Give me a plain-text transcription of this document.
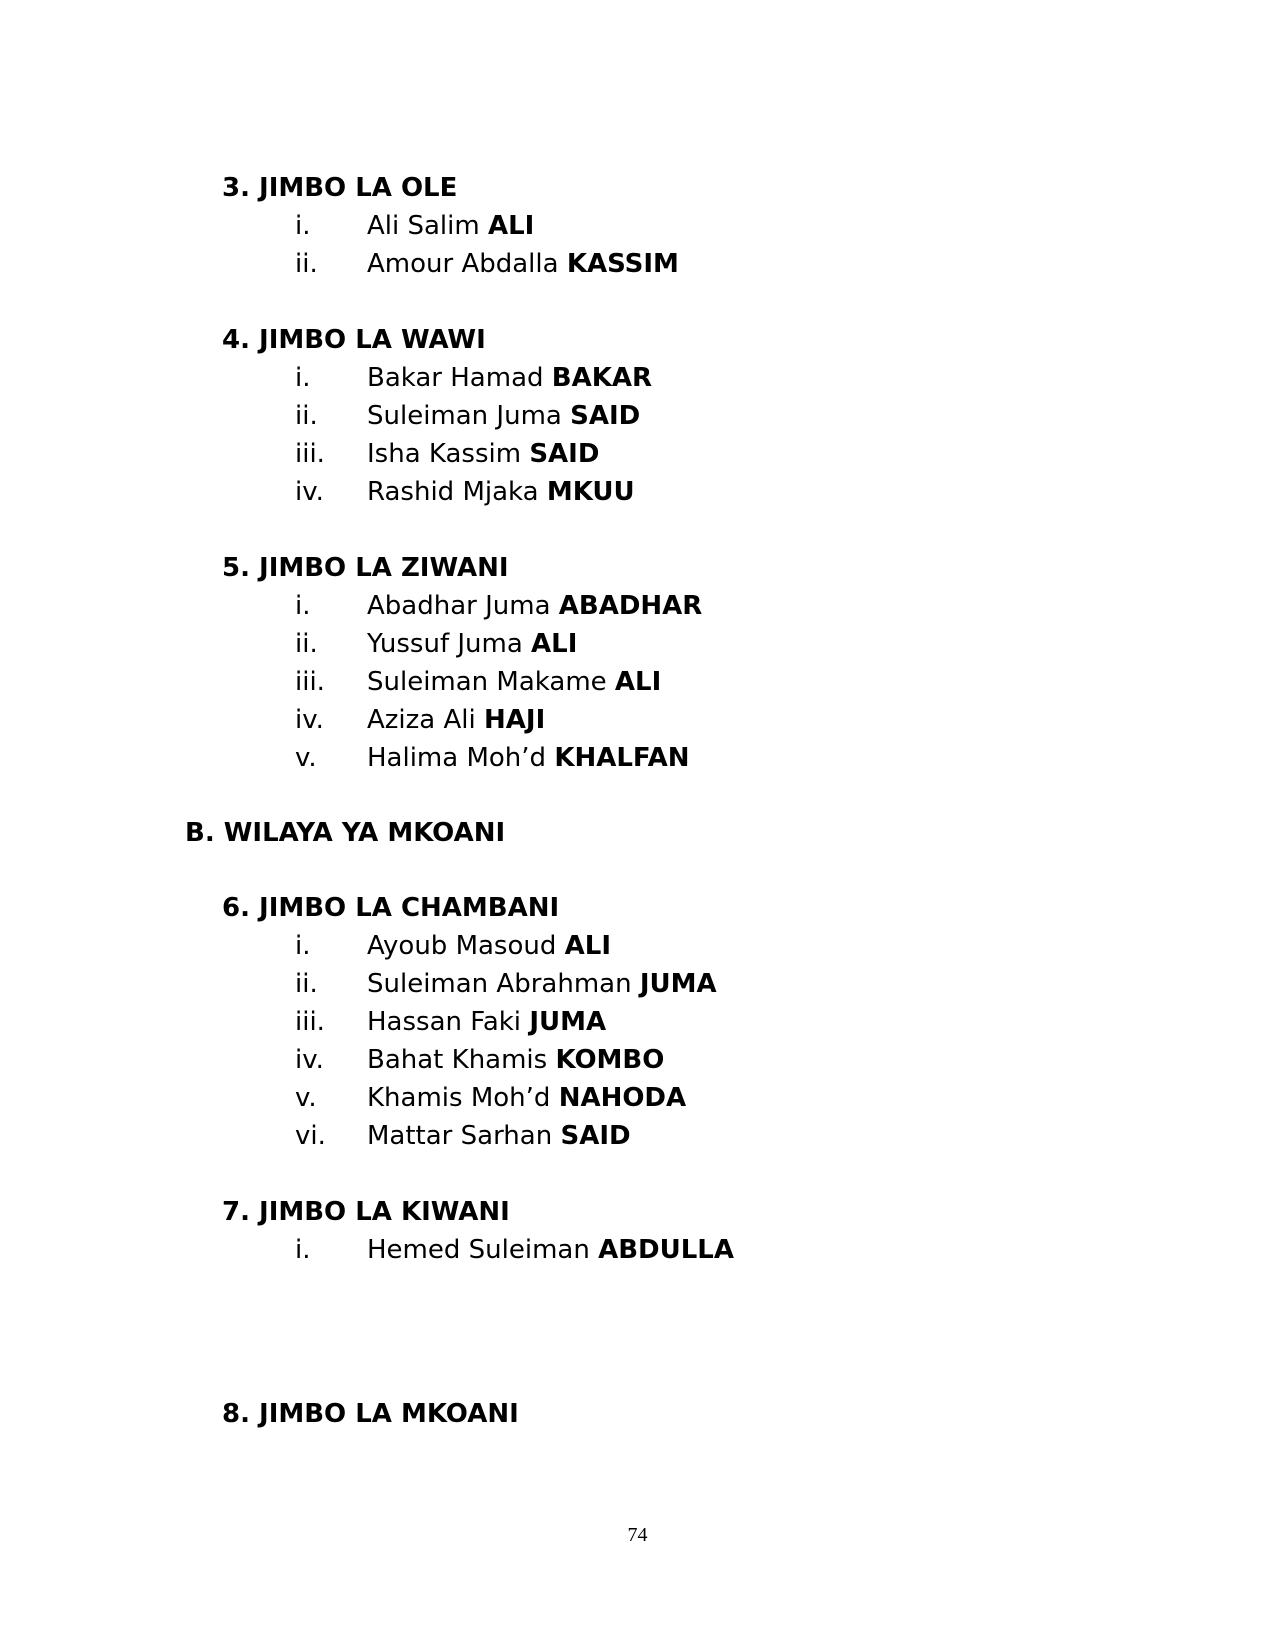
3. JIMBO LA OLE
i. Ali Salim ALI
ii. Amour Abdalla KASSIM
4. JIMBO LA WAWI
i. Bakar Hamad BAKAR
ii. Suleiman Juma SAID
iii. Isha Kassim SAID
iv. Rashid Mjaka MKUU
5. JIMBO LA ZIWANI
i. Abadhar Juma ABADHAR
ii. Yussuf Juma ALI
iii. Suleiman Makame ALI
iv. Aziza Ali HAJI
v. Halima Moh’d KHALFAN
B. WILAYA YA MKOANI
6. JIMBO LA CHAMBANI
i. Ayoub Masoud ALI
ii. Suleiman Abrahman JUMA
iii. Hassan Faki JUMA
iv. Bahat Khamis KOMBO
v. Khamis Moh’d NAHODA
vi. Mattar Sarhan SAID
7. JIMBO LA KIWANI
i. Hemed Suleiman ABDULLA
8. JIMBO LA MKOANI
74
